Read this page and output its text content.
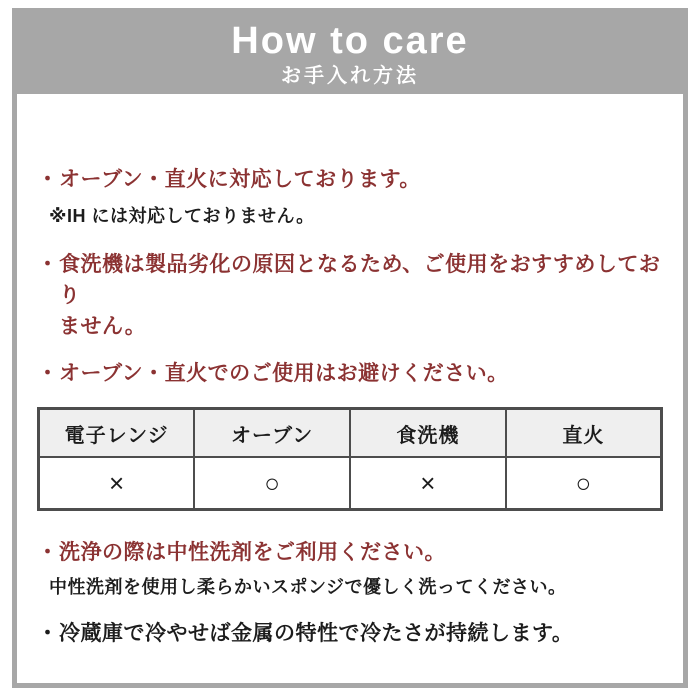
How to care
お手入れ方法
・ オーブン・直火に対応しております。
※IH には対応しておりません。
・ 食洗機は製品劣化の原因となるため、ご使用をおすすめしており
ません。
・ オーブン・直火でのご使用はお避けください。
電子レンジ	オーブン	食洗機	直火
×	○	×	○
・ 洗浄の際は中性洗剤をご利用ください。
中性洗剤を使用し柔らかいスポンジで優しく洗ってください。
・ 冷蔵庫で冷やせば金属の特性で冷たさが持続します。
